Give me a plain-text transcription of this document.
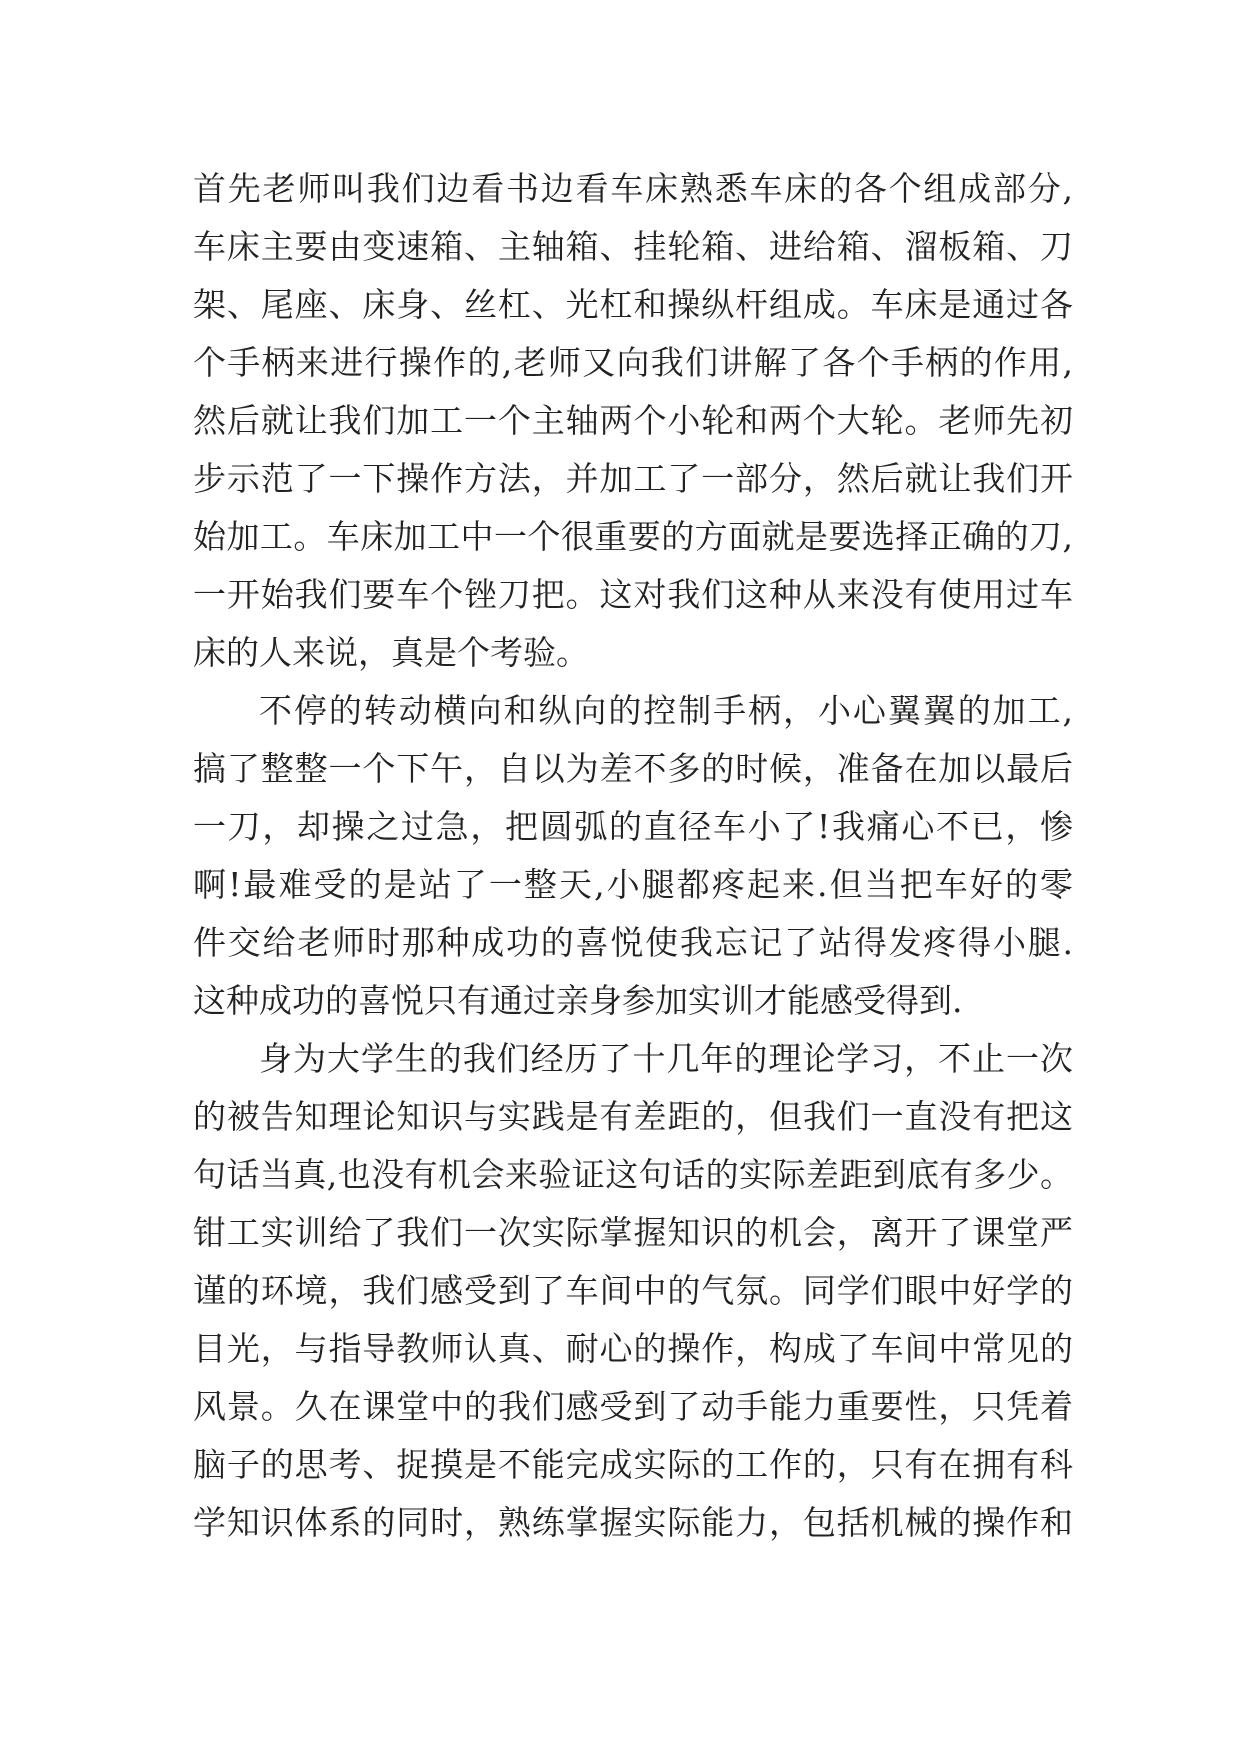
首先老师叫我们边看书边看车床熟悉车床的各个组成部分,
车床主要由变速箱、主轴箱、挂轮箱、进给箱、溜板箱、刀
架、尾座、床身、丝杠、光杠和操纵杆组成。车床是通过各
个手柄来进行操作的,老师又向我们讲解了各个手柄的作用,
然后就让我们加工一个主轴两个小轮和两个大轮。老师先初
步示范了一下操作方法，并加工了一部分，然后就让我们开
始加工。车床加工中一个很重要的方面就是要选择正确的刀,
一开始我们要车个锉刀把。这对我们这种从来没有使用过车
床的人来说，真是个考验。
不停的转动横向和纵向的控制手柄，小心翼翼的加工,
搞了整整一个下午，自以为差不多的时候，准备在加以最后
一刀，却操之过急，把圆弧的直径车小了!我痛心不已，惨
啊!最难受的是站了一整天,小腿都疼起来.但当把车好的零
件交给老师时那种成功的喜悦使我忘记了站得发疼得小腿.
这种成功的喜悦只有通过亲身参加实训才能感受得到.
身为大学生的我们经历了十几年的理论学习，不止一次
的被告知理论知识与实践是有差距的，但我们一直没有把这
句话当真,也没有机会来验证这句话的实际差距到底有多少。
钳工实训给了我们一次实际掌握知识的机会，离开了课堂严
谨的环境，我们感受到了车间中的气氛。同学们眼中好学的
目光，与指导教师认真、耐心的操作，构成了车间中常见的
风景。久在课堂中的我们感受到了动手能力重要性，只凭着
脑子的思考、捉摸是不能完成实际的工作的，只有在拥有科
学知识体系的同时，熟练掌握实际能力，包括机械的操作和
